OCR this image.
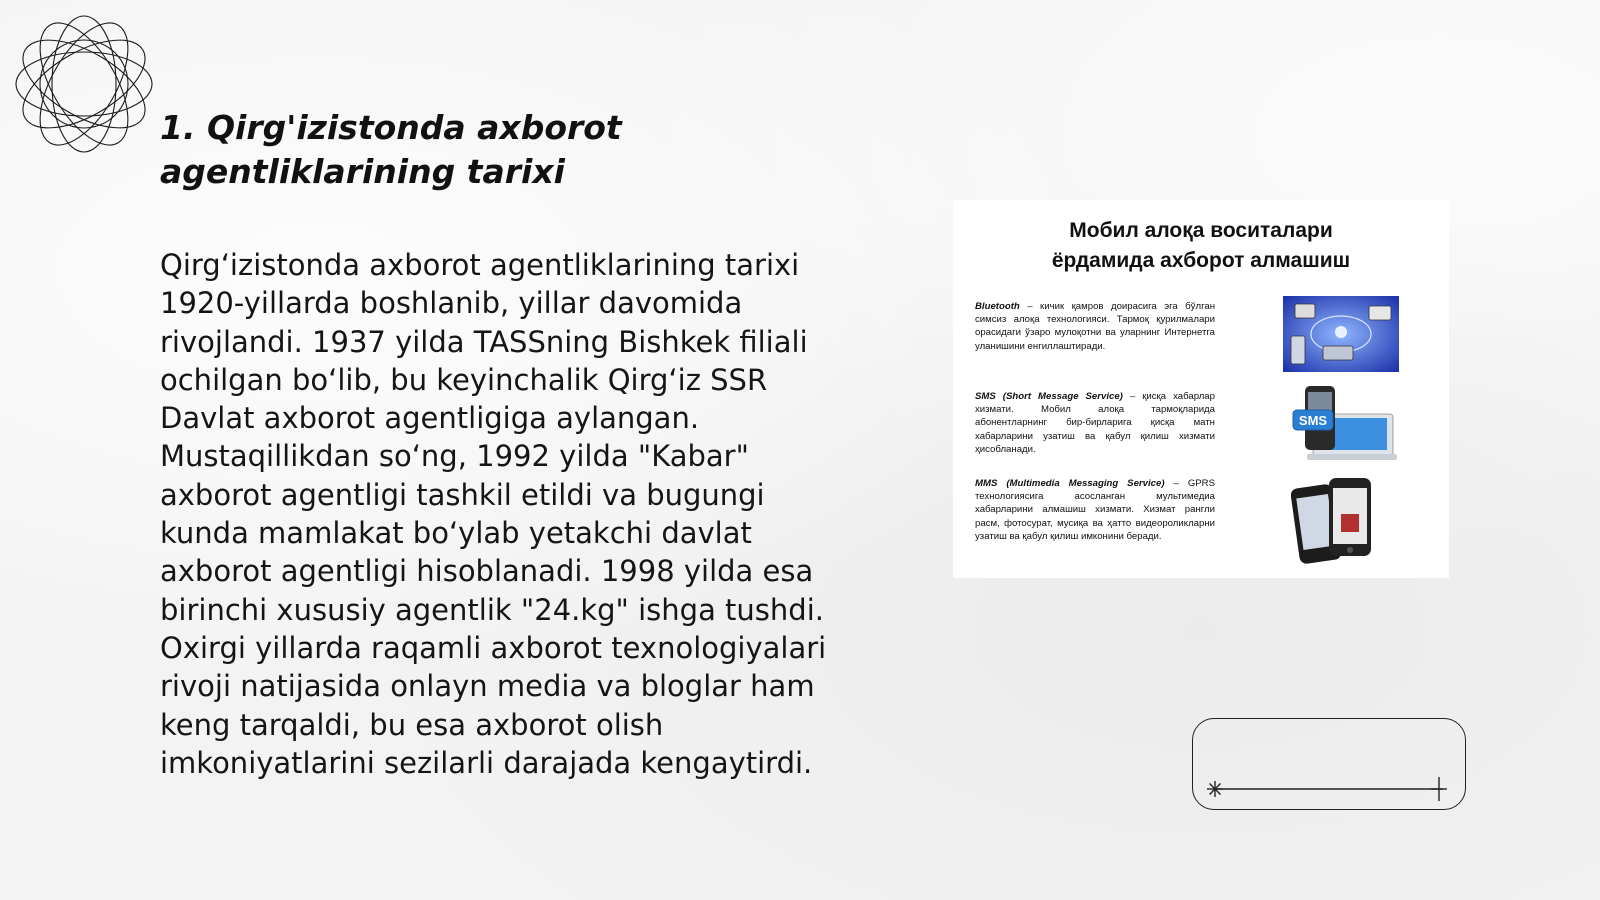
1. Qirg'izistonda axborot agentliklarining tarixi

Qirg‘izistonda axborot agentliklarining tarixi 1920-yillarda boshlanib, yillar davomida rivojlandi. 1937 yilda TASSning Bishkek filiali ochilgan bo‘lib, bu keyinchalik Qirg‘iz SSR Davlat axborot agentligiga aylangan. Mustaqillikdan so‘ng, 1992 yilda "Kabar" axborot agentligi tashkil etildi va bugungi kunda mamlakat bo‘ylab yetakchi davlat axborot agentligi hisoblanadi. 1998 yilda esa birinchi xususiy agentlik "24.kg" ishga tushdi. Oxirgi yillarda raqamli axborot texnologiyalari rivoji natijasida onlayn media va bloglar ham keng tarqaldi, bu esa axborot olish imkoniyatlarini sezilarli darajada kengaytirdi.

Мобил алоқа воситалари
ёрдамида ахборот алмашиш
Bluetooth – кичик қамров доирасига эга бўлган симсиз алоқа технологияси. Тармоқ қурилмалари орасидаги ўзаро мулоқотни ва уларнинг Интернетга уланишини енгиллаштиради.
SMS (Short Message Service) – қисқа хабарлар хизмати. Мобил алоқа тармоқларида абонентларнинг бир-бирларига қисқа матн хабарларини узатиш ва қабул қилиш хизмати ҳисобланади.
MMS (Multimedia Messaging Service) – GPRS технологиясига асосланган мультимедиа хабарларини алмашиш хизмати. Хизмат рангли расм, фотосурат, мусиқа ва ҳатто видеороликларни узатиш ва қабул қилиш имконини беради.
SMS
